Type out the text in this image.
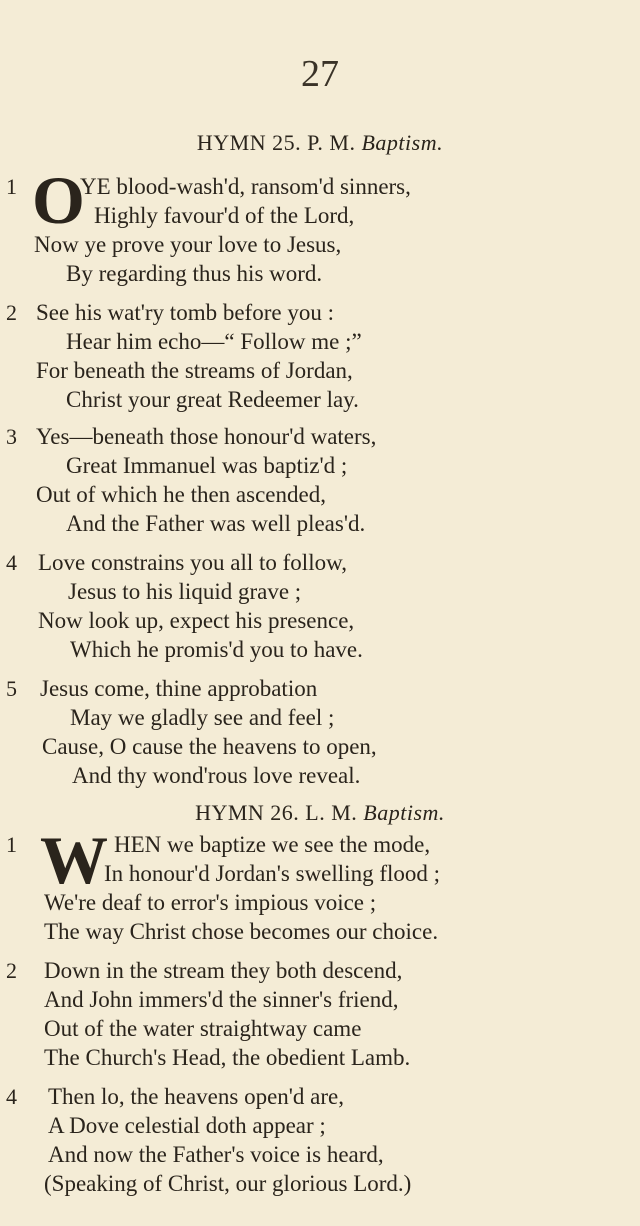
27
HYMN 25. P. M. Baptism.
1 O
YE blood-wash'd, ransom'd sinners,
Highly favour'd of the Lord,
Now ye prove your love to Jesus,
By regarding thus his word.
2 See his wat'ry tomb before you :
Hear him echo—“ Follow me ;”
For beneath the streams of Jordan,
Christ your great Redeemer lay.
3 Yes—beneath those honour'd waters,
Great Immanuel was baptiz'd ;
Out of which he then ascended,
And the Father was well pleas'd.
4 Love constrains you all to follow,
Jesus to his liquid grave ;
Now look up, expect his presence,
Which he promis'd you to have.
5 Jesus come, thine approbation
May we gladly see and feel ;
Cause, O cause the heavens to open,
And thy wond'rous love reveal.
HYMN 26. L. M. Baptism.
1 W HEN we baptize we see the mode,
In honour'd Jordan's swelling flood ;
We're deaf to error's impious voice ;
The way Christ chose becomes our choice.
2 Down in the stream they both descend,
And John immers'd the sinner's friend,
Out of the water straightway came
The Church's Head, the obedient Lamb.
4 Then lo, the heavens open'd are,
A Dove celestial doth appear ;
And now the Father's voice is heard,
(Speaking of Christ, our glorious Lord.)
